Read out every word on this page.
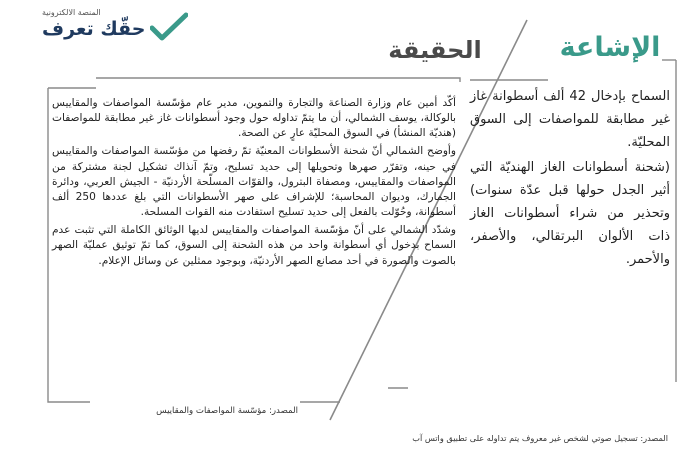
المنصة الالكترونية
حقّك تعرف
الحقيقة	الإشاعة

أكّد أمين عام وزارة الصناعة والتجارة والتموين، مدير عام مؤسّسة المواصفات والمقاييس بالوكالة، يوسف الشمالي، أن ما يتمّ تداوله حول وجود أسطوانات غاز غير مطابقة للمواصفات (هنديّة المنشأ) في السوق المحليّة عارٍ عن الصحة.

وأوضح الشمالي أنّ شحنة الأسطوانات المعنيّة تمّ رفضها من مؤسّسة المواصفات والمقاييس في حينه، وتقرّر صهرها وتحويلها إلى حديد تسليح، وتمّ آنذاك تشكيل لجنة مشتركة من المواصفات والمقاييس، ومصفاة البترول، والقوّات المسلّحة الأردنيّة - الجيش العربي، ودائرة الجمارك، وديوان المحاسبة؛ للإشراف على صهر الأسطوانات التي بلغ عددها 250 ألف أسطوانة، وحُوّلت بالفعل إلى حديد تسليح استفادت منه القوات المسلحة.

وشدّد الشمالي على أنّ مؤسّسة المواصفات والمقاييس لديها الوثائق الكاملة التي تثبت عدم السماح بدخول أي أسطوانة واحد من هذه الشحنة إلى السوق، كما تمّ توثيق عمليّة الصهر بالصوت والصورة في أحد مصانع الصهر الأردنيّة، وبوجود ممثلين عن وسائل الإعلام.

السماح بإدخال 42 ألف أسطوانة غاز غير مطابقة للمواصفات إلى السوق المحليّة.

(شحنة أسطوانات الغاز الهنديّة التي أثير الجدل حولها قبل عدّة سنوات) وتحذير من شراء أسطوانات الغاز ذات الألوان البرتقالي، والأصفر، والأحمر.

المصدر: مؤسّسة المواصفات والمقاييس
المصدر: تسجيل صوتي لشخص غير معروف يتم تداوله على تطبيق واتس آب
